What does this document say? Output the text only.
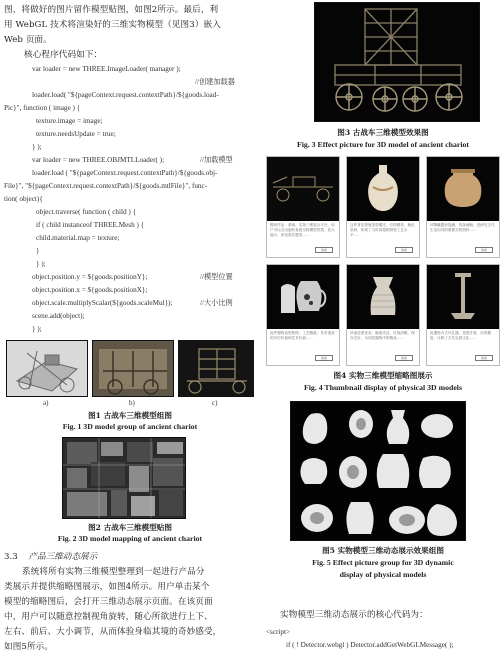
图，将做好的图片留作模型贴图，如图2所示。最后，利
用 WebGL 技术将渲染好的三维实物模型（见图3）嵌入
Web 页面。
核心程序代码如下：
var loader = new THREE.ImageLoader( manager );
//创建加载器
loader.load( "${pageContext.request.contextPath}/${goods.load-
Pic}", function ( image ) {
texture.image = image;
texture.needsUpdate = true;
} );
var loader = new THREE.OBJMTLLoader( );	//加载模型
loader.load ( "${pageContext.request.contextPath}/${goods.obj-
File}", "${pageContext.request.contextPath}/${goods.mtlFile}", func-
tion( object){
object.traverse( function ( child ) {
if ( child instanceof THREE.Mesh ) {
child.material.map = texture;
}
} );
object.position.y = ${goods.positionY};	//模型位置
object.position.x = ${goods.positionX};
object.scale.multiplyScalar(${goods.scaleMul});	//大小比例
scene.add(object);
} );
a)	b)	c)
图1 古战车三维模型组图
Fig. 1 3D model group of ancient chariot
图2 古战车三维模型贴图
Fig. 2 3D model mapping of ancient chariot
3.3 产品三维动态展示
系统将所有实物三维模型整理到一起进行产品分
类展示并提供缩略图展示，如图4所示。用户单击某个
模型的缩略图后，会打开三维动态展示页面。在该页面
中，用户可以随意控制视角旋转，随心所欲进行上下、
左右、前后、大小调节，从而体验身临其境的奇妙感受，
如图5所示。
图3 古战车三维模型效果图
Fig. 3 Effect picture for 3D model of ancient chariot
模块作品：系统。实物三维展示平台，用户可以自由旋转查看实物模型效果，放大缩小，体验真实感受……
查看
这件青花瓷瓶造型端庄，纹饰精美，釉色莹润，体现了当时高超的制瓷工艺水平……
查看
该陶罐器形饱满，线条流畅，是研究古代生活用具的重要实物资料……
查看
此件器物造型独特，工艺精湛，具有很高的历史价值和艺术价值……
查看
该壶造型优美，釉面光洁，纹饰清晰，保存完好，为同类器物中的精品……
查看
此器物为古代礼器，造型庄重，纹饰繁复，反映了古代礼制文化……
查看
图4 实物三维模型缩略图展示
Fig. 4 Thumbnail display of physical 3D models
图5 实物模型三维动态展示效果组图
Fig. 5 Effect picture group for 3D dynamic
display of physical models
实物模型三维动态展示的核心代码为：
<script>
if ( ! Detector.webgl ) Detector.addGetWebGLMessage( );
